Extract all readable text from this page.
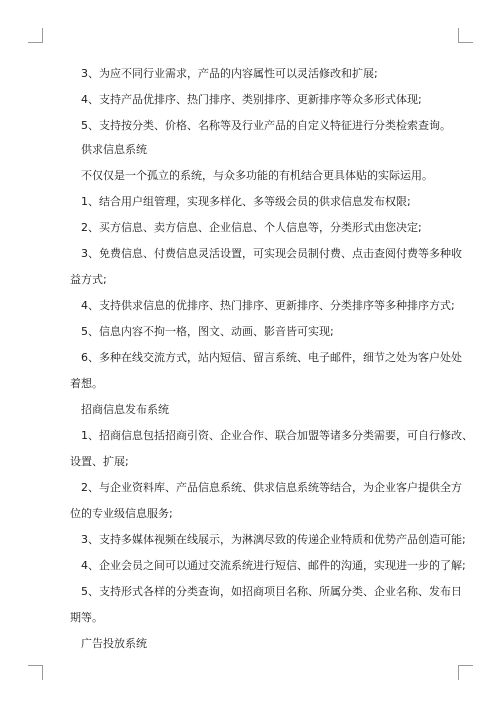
3、为应不同行业需求，产品的内容属性可以灵活修改和扩展;

4、支持产品优排序、热门排序、类别排序、更新排序等众多形式体现;

5、支持按分类、价格、名称等及行业产品的自定义特征进行分类检索查询。

供求信息系统

不仅仅是一个孤立的系统，与众多功能的有机结合更具体贴的实际运用。

1、结合用户组管理，实现多样化、多等级会员的供求信息发布权限;

2、买方信息、卖方信息、企业信息、个人信息等，分类形式由您决定;

3、免费信息、付费信息灵活设置，可实现会员制付费、点击查阅付费等多种收

益方式;

4、支持供求信息的优排序、热门排序、更新排序、分类排序等多种排序方式;

5、信息内容不拘一格，图文、动画、影音皆可实现;

6、多种在线交流方式，站内短信、留言系统、电子邮件，细节之处为客户处处

着想。

招商信息发布系统

1、招商信息包括招商引资、企业合作、联合加盟等诸多分类需要，可自行修改、

设置、扩展;

2、与企业资料库、产品信息系统、供求信息系统等结合，为企业客户提供全方

位的专业级信息服务;

3、支持多媒体视频在线展示，为淋漓尽致的传递企业特质和优势产品创造可能;

4、企业会员之间可以通过交流系统进行短信、邮件的沟通，实现进一步的了解;

5、支持形式各样的分类查询，如招商项目名称、所属分类、企业名称、发布日

期等。

广告投放系统
